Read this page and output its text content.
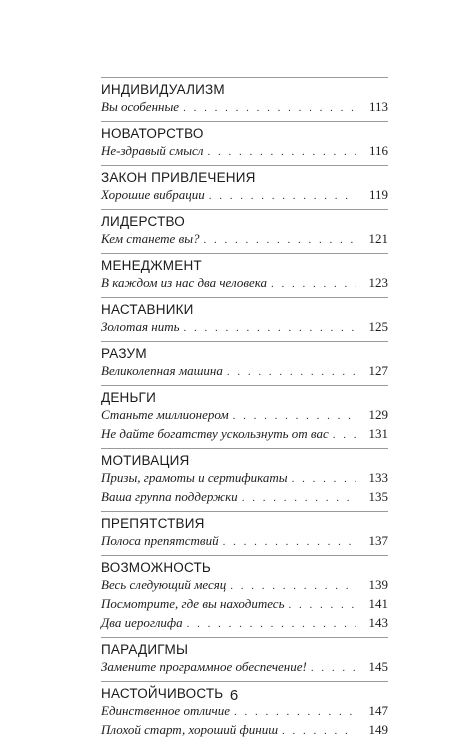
ИНДИВИДУАЛИЗМ
Вы особенные . . .	113
НОВАТОРСТВО
Не-здравый смысл . . .	116
ЗАКОН ПРИВЛЕЧЕНИЯ
Хорошие вибрации . . .	119
ЛИДЕРСТВО
Кем станете вы? . . .	121
МЕНЕДЖМЕНТ
В каждом из нас два человека . . .	123
НАСТАВНИКИ
Золотая нить . . .	125
РАЗУМ
Великолепная машина . . .	127
ДЕНЬГИ
Станьте миллионером . . .	129
Не дайте богатству ускользнуть от вас . . .	131
МОТИВАЦИЯ
Призы, грамоты и сертификаты . . .	133
Ваша группа поддержки . . .	135
ПРЕПЯТСТВИЯ
Полоса препятствий . . .	137
ВОЗМОЖНОСТЬ
Весь следующий месяц . . .	139
Посмотрите, где вы находитесь . . .	141
Два иероглифа . . .	143
ПАРАДИГМЫ
Замените программное обеспечение! . . .	145
НАСТОЙЧИВОСТЬ
Единственное отличие . . .	147
Плохой старт, хороший финиш . . .	149
6
